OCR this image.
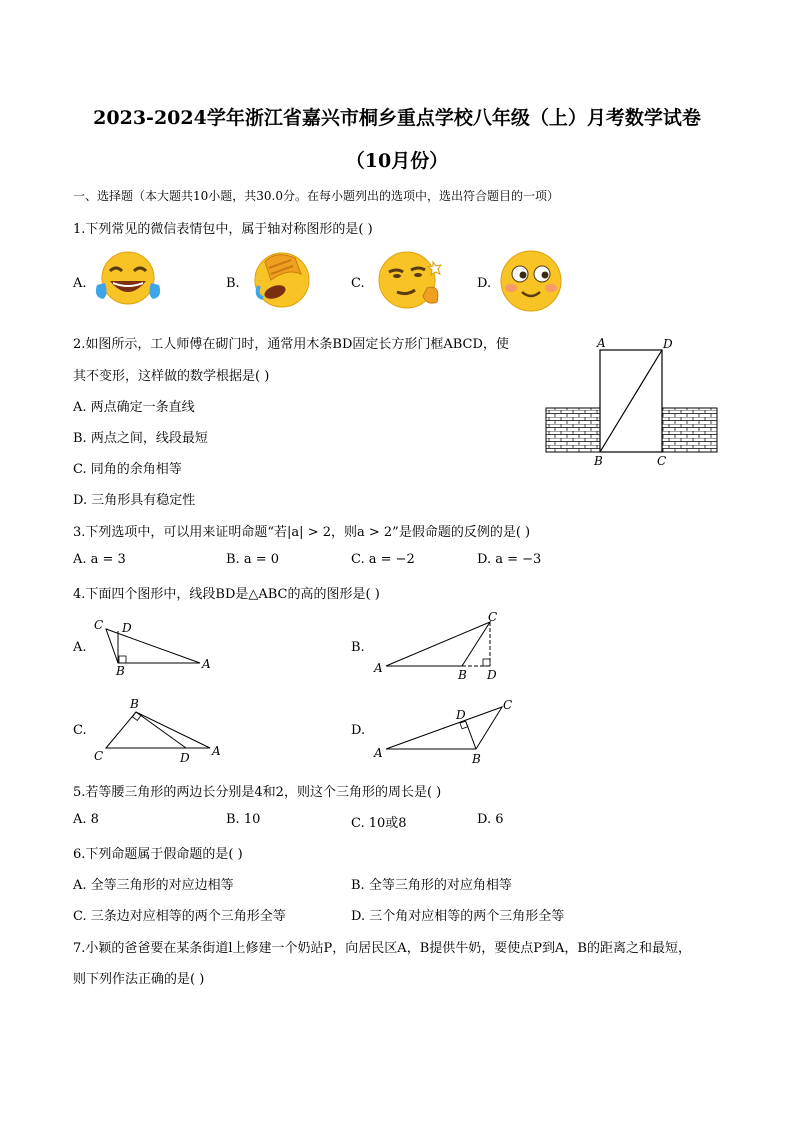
2023-2024学年浙江省嘉兴市桐乡重点学校八年级（上）月考数学试卷
（10月份）
一、选择题（本大题共10小题，共30.0分。在每小题列出的选项中，选出符合题目的一项）
1.下列常见的微信表情包中，属于轴对称图形的是( )
A.	B.	C.	D.
2.如图所示，工人师傅在砌门时，通常用木条BD固定长方形门框ABCD，使
其不变形，这样做的数学根据是( )
A. 两点确定一条直线
B. 两点之间，线段最短
C. 同角的余角相等
D. 三角形具有稳定性
A	D
B	C
3.下列选项中，可以用来证明命题“若|a| > 2，则a > 2”是假命题的反例的是( )
A. a = 3	B. a = 0	C. a = −2	D. a = −3
4.下面四个图形中，线段BD是△ABC的高的图形是( )
A.	B.
C.	D.
C D
B	A	A	B
C
D
B
C	D A	A
D
C
B
5.若等腰三角形的两边长分别是4和2，则这个三角形的周长是( )
A. 8	B. 10	C. 10或8	D. 6
6.下列命题属于假命题的是( )
A. 全等三角形的对应边相等	B. 全等三角形的对应角相等
C. 三条边对应相等的两个三角形全等	D. 三个角对应相等的两个三角形全等
7.小颖的爸爸要在某条街道l上修建一个奶站P，向居民区A，B提供牛奶，要使点P到A，B的距离之和最短，
则下列作法正确的是( )
